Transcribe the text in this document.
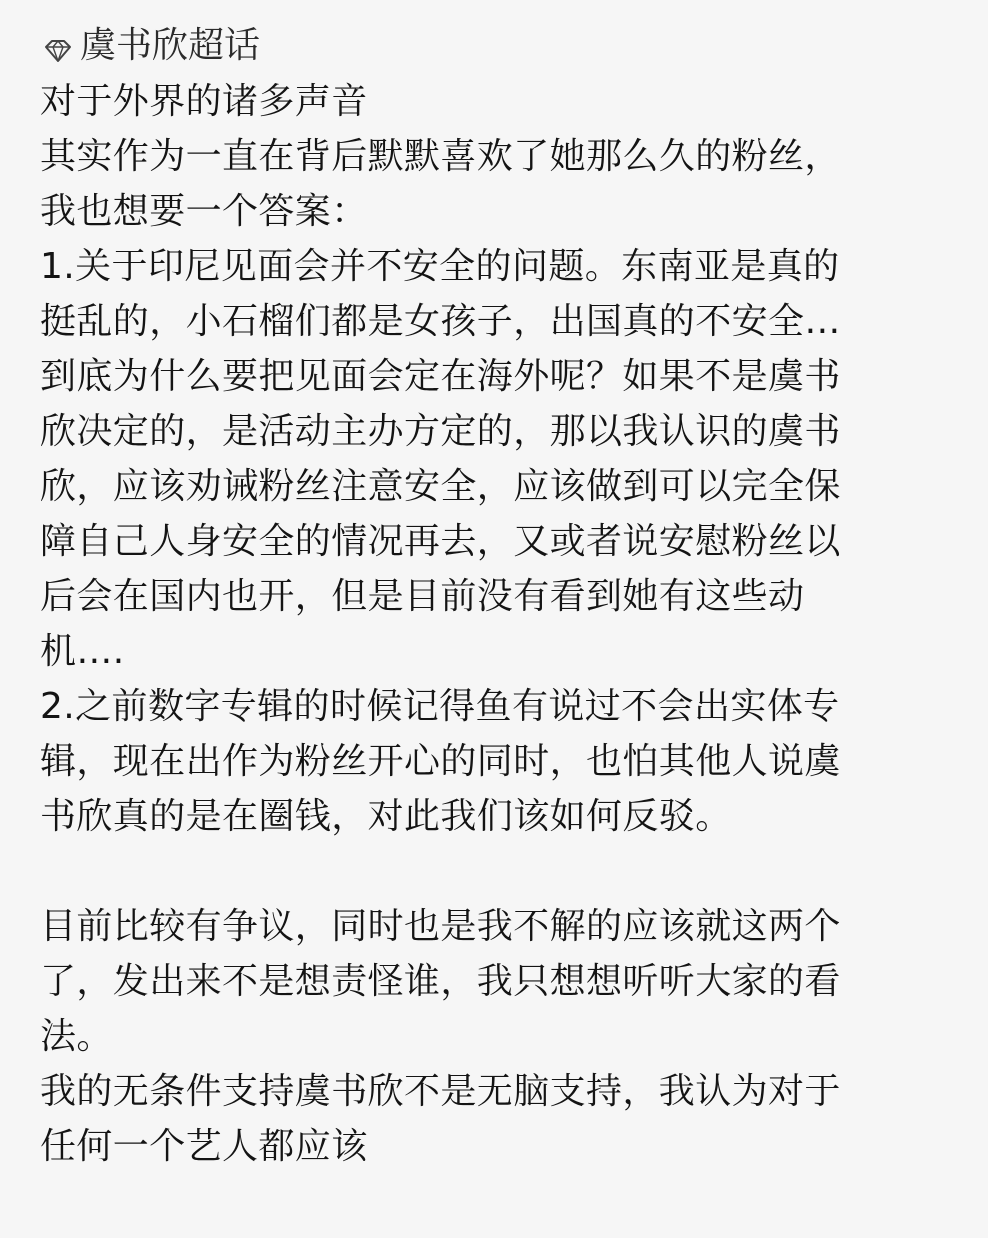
虞书欣超话
对于外界的诸多声音
其实作为一直在背后默默喜欢了她那么久的粉丝，
我也想要一个答案：
1.关于印尼见面会并不安全的问题。东南亚是真的
挺乱的，小石榴们都是女孩子，出国真的不安全…
到底为什么要把见面会定在海外呢？如果不是虞书
欣决定的，是活动主办方定的，那以我认识的虞书
欣，应该劝诫粉丝注意安全，应该做到可以完全保
障自己人身安全的情况再去，又或者说安慰粉丝以
后会在国内也开，但是目前没有看到她有这些动
机….
2.之前数字专辑的时候记得鱼有说过不会出实体专
辑，现在出作为粉丝开心的同时，也怕其他人说虞
书欣真的是在圈钱，对此我们该如何反驳。
目前比较有争议，同时也是我不解的应该就这两个
了，发出来不是想责怪谁，我只想想听听大家的看
法。
我的无条件支持虞书欣不是无脑支持，我认为对于
任何一个艺人都应该
